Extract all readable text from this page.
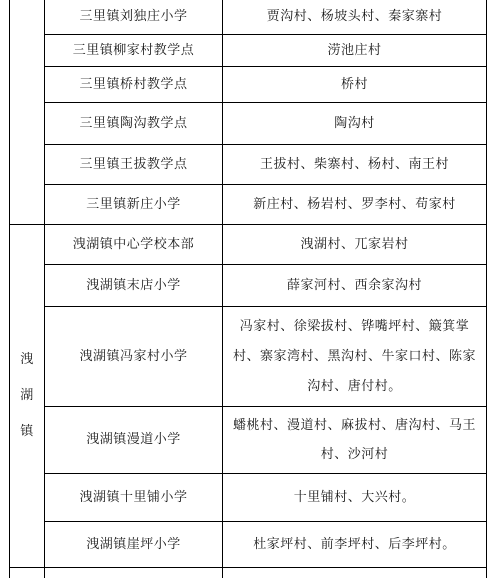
	三里镇刘独庄小学	贾沟村、杨坡头村、秦家寨村
	三里镇柳家村教学点	涝池庄村
	三里镇桥村教学点	桥村
	三里镇陶沟教学点	陶沟村
	三里镇王拔教学点	王拔村、柴寨村、杨村、南王村
	三里镇新庄小学	新庄村、杨岩村、罗李村、苟家村
洩湖镇	洩湖镇中心学校本部	洩湖村、兀家岩村
	洩湖镇末店小学	薛家河村、西余家沟村
	洩湖镇冯家村小学	冯家村、徐梁拔村、铧嘴坪村、簸箕掌村、寨家湾村、黑沟村、牛家口村、陈家沟村、唐付村。
	洩湖镇漫道小学	蟠桃村、漫道村、麻拔村、唐沟村、马王村、沙河村
	洩湖镇十里铺小学	十里铺村、大兴村。
	洩湖镇崖坪小学	杜家坪村、前李坪村、后李坪村。
